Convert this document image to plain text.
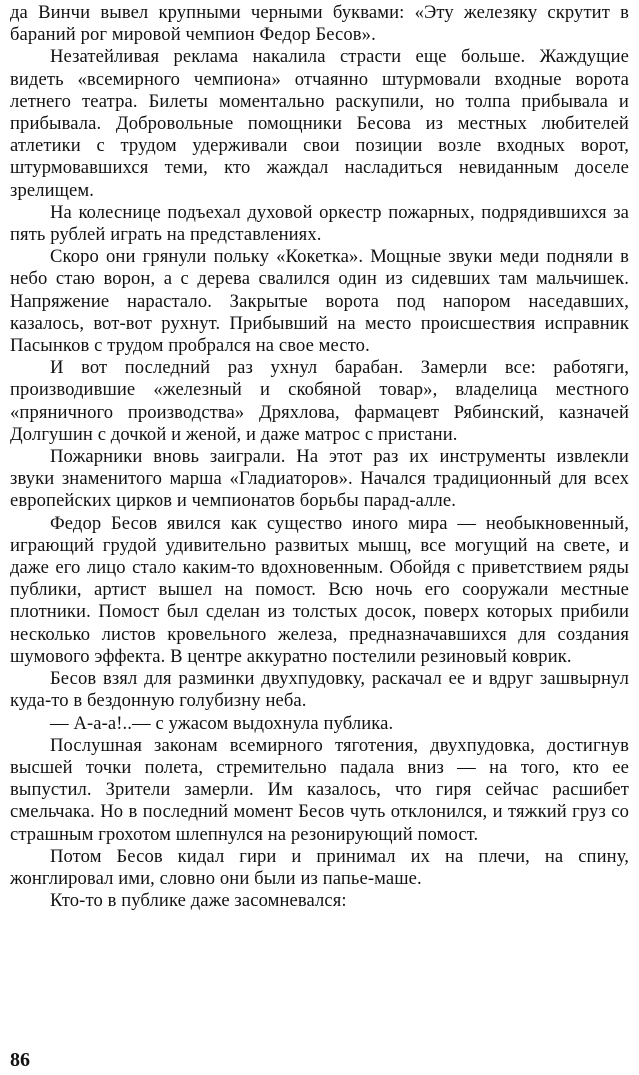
да Винчи вывел крупными черными буквами: «Эту железяку скрутит в бараний рог мировой чемпион Федор Бесов».

Незатейливая реклама накалила страсти еще больше. Жаждущие видеть «всемирного чемпиона» отчаянно штурмовали входные ворота летнего театра. Билеты моментально раскупили, но толпа прибывала и прибывала. Добровольные помощники Бесова из местных любителей атлетики с трудом удерживали свои позиции возле входных ворот, штурмовавшихся теми, кто жаждал насладиться невиданным доселе зрелищем.

На колеснице подъехал духовой оркестр пожарных, подрядившихся за пять рублей играть на представлениях.

Скоро они грянули польку «Кокетка». Мощные звуки меди подняли в небо стаю ворон, а с дерева свалился один из сидевших там мальчишек. Напряжение нарастало. Закрытые ворота под напором наседавших, казалось, вот-вот рухнут. Прибывший на место происшествия исправник Пасынков с трудом пробрался на свое место.

И вот последний раз ухнул барабан. Замерли все: работяги, производившие «железный и скобяной товар», владелица местного «пряничного производства» Дряхлова, фармацевт Рябинский, казначей Долгушин с дочкой и женой, и даже матрос с пристани.

Пожарники вновь заиграли. На этот раз их инструменты извлекли звуки знаменитого марша «Гладиаторов». Начался традиционный для всех европейских цирков и чемпионатов борьбы парад-алле.

Федор Бесов явился как существо иного мира — необыкновенный, играющий грудой удивительно развитых мышц, все могущий на свете, и даже его лицо стало каким-то вдохновенным. Обойдя с приветствием ряды публики, артист вышел на помост. Всю ночь его сооружали местные плотники. Помост был сделан из толстых досок, поверх которых прибили несколько листов кровельного железа, предназначавшихся для создания шумового эффекта. В центре аккуратно постелили резиновый коврик.

Бесов взял для разминки двухпудовку, раскачал ее и вдруг зашвырнул куда-то в бездонную голубизну неба.

— А-а-а!..— с ужасом выдохнула публика.

Послушная законам всемирного тяготения, двухпудовка, достигнув высшей точки полета, стремительно падала вниз — на того, кто ее выпустил. Зрители замерли. Им казалось, что гиря сейчас расшибет смельчака. Но в последний момент Бесов чуть отклонился, и тяжкий груз со страшным грохотом шлепнулся на резонирующий помост.

Потом Бесов кидал гири и принимал их на плечи, на спину, жонглировал ими, словно они были из папье-маше.

Кто-то в публике даже засомневался:

86
